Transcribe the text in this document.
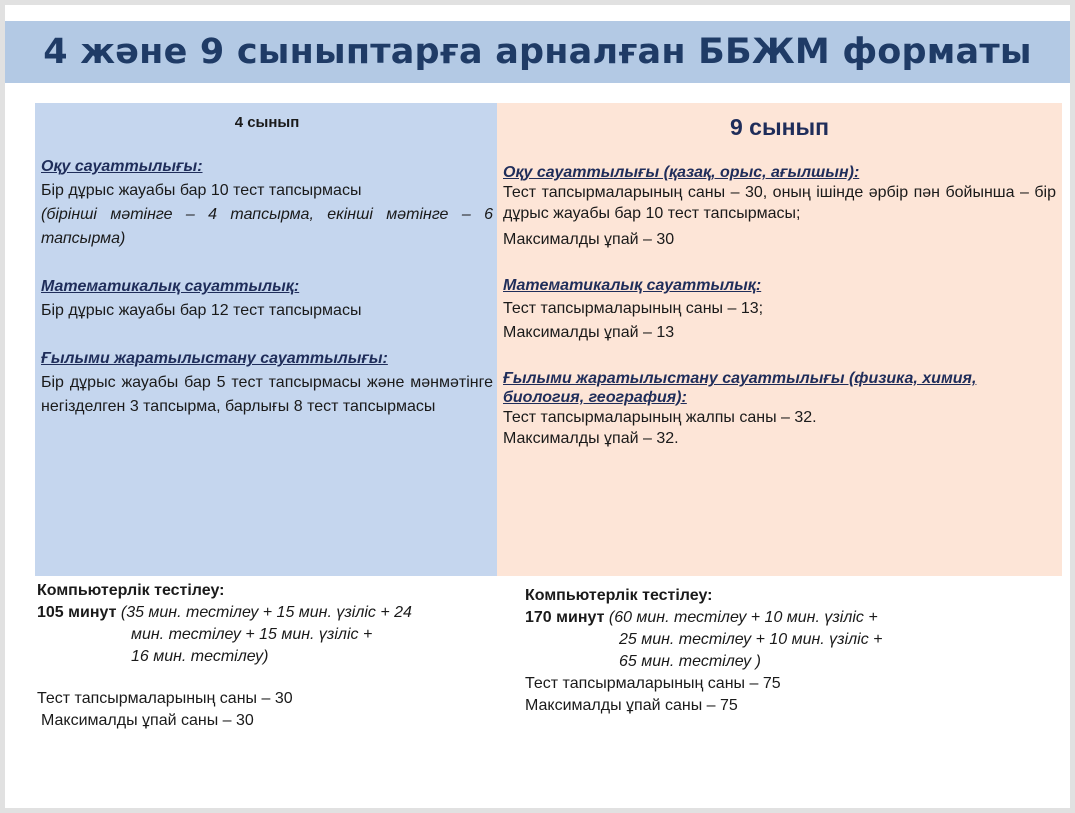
4 және 9 сыныптарға арналған ББЖМ форматы
4 сынып
Оқу сауаттылығы:
Бір дұрыс жауабы бар 10 тест тапсырмасы
(бірінші мәтінге – 4 тапсырма, екінші мәтінге – 6 тапсырма)
Математикалық сауаттылық:
Бір дұрыс жауабы бар 12 тест тапсырмасы
Ғылыми жаратылыстану сауаттылығы:
Бір дұрыс жауабы бар 5 тест тапсырмасы және мәнмәтінге негізделген 3 тапсырма, барлығы 8 тест тапсырмасы
9 сынып
Оқу сауаттылығы (қазақ, орыс, ағылшын):
Тест тапсырмаларының саны – 30, оның ішінде әрбір пән бойынша – бір дұрыс жауабы бар 10 тест тапсырмасы;
Максималды ұпай – 30
Математикалық сауаттылық:
Тест тапсырмаларының саны – 13;
Максималды ұпай – 13
Ғылыми жаратылыстану сауаттылығы (физика, химия, биология, география):
Тест тапсырмаларының жалпы саны – 32.
Максималды ұпай – 32.
Компьютерлік тестілеу:
105 минут (35 мин. тестілеу + 15 мин. үзіліс + 24
мин. тестілеу + 15 мин. үзіліс +
16 мин. тестілеу)
Тест тапсырмаларының саны – 30
Максималды ұпай саны – 30
Компьютерлік тестілеу:
170 минут (60 мин. тестілеу + 10 мин. үзіліс +
25 мин. тестілеу + 10 мин. үзіліс +
65 мин. тестілеу )
Тест тапсырмаларының саны – 75
Максималды ұпай саны – 75
